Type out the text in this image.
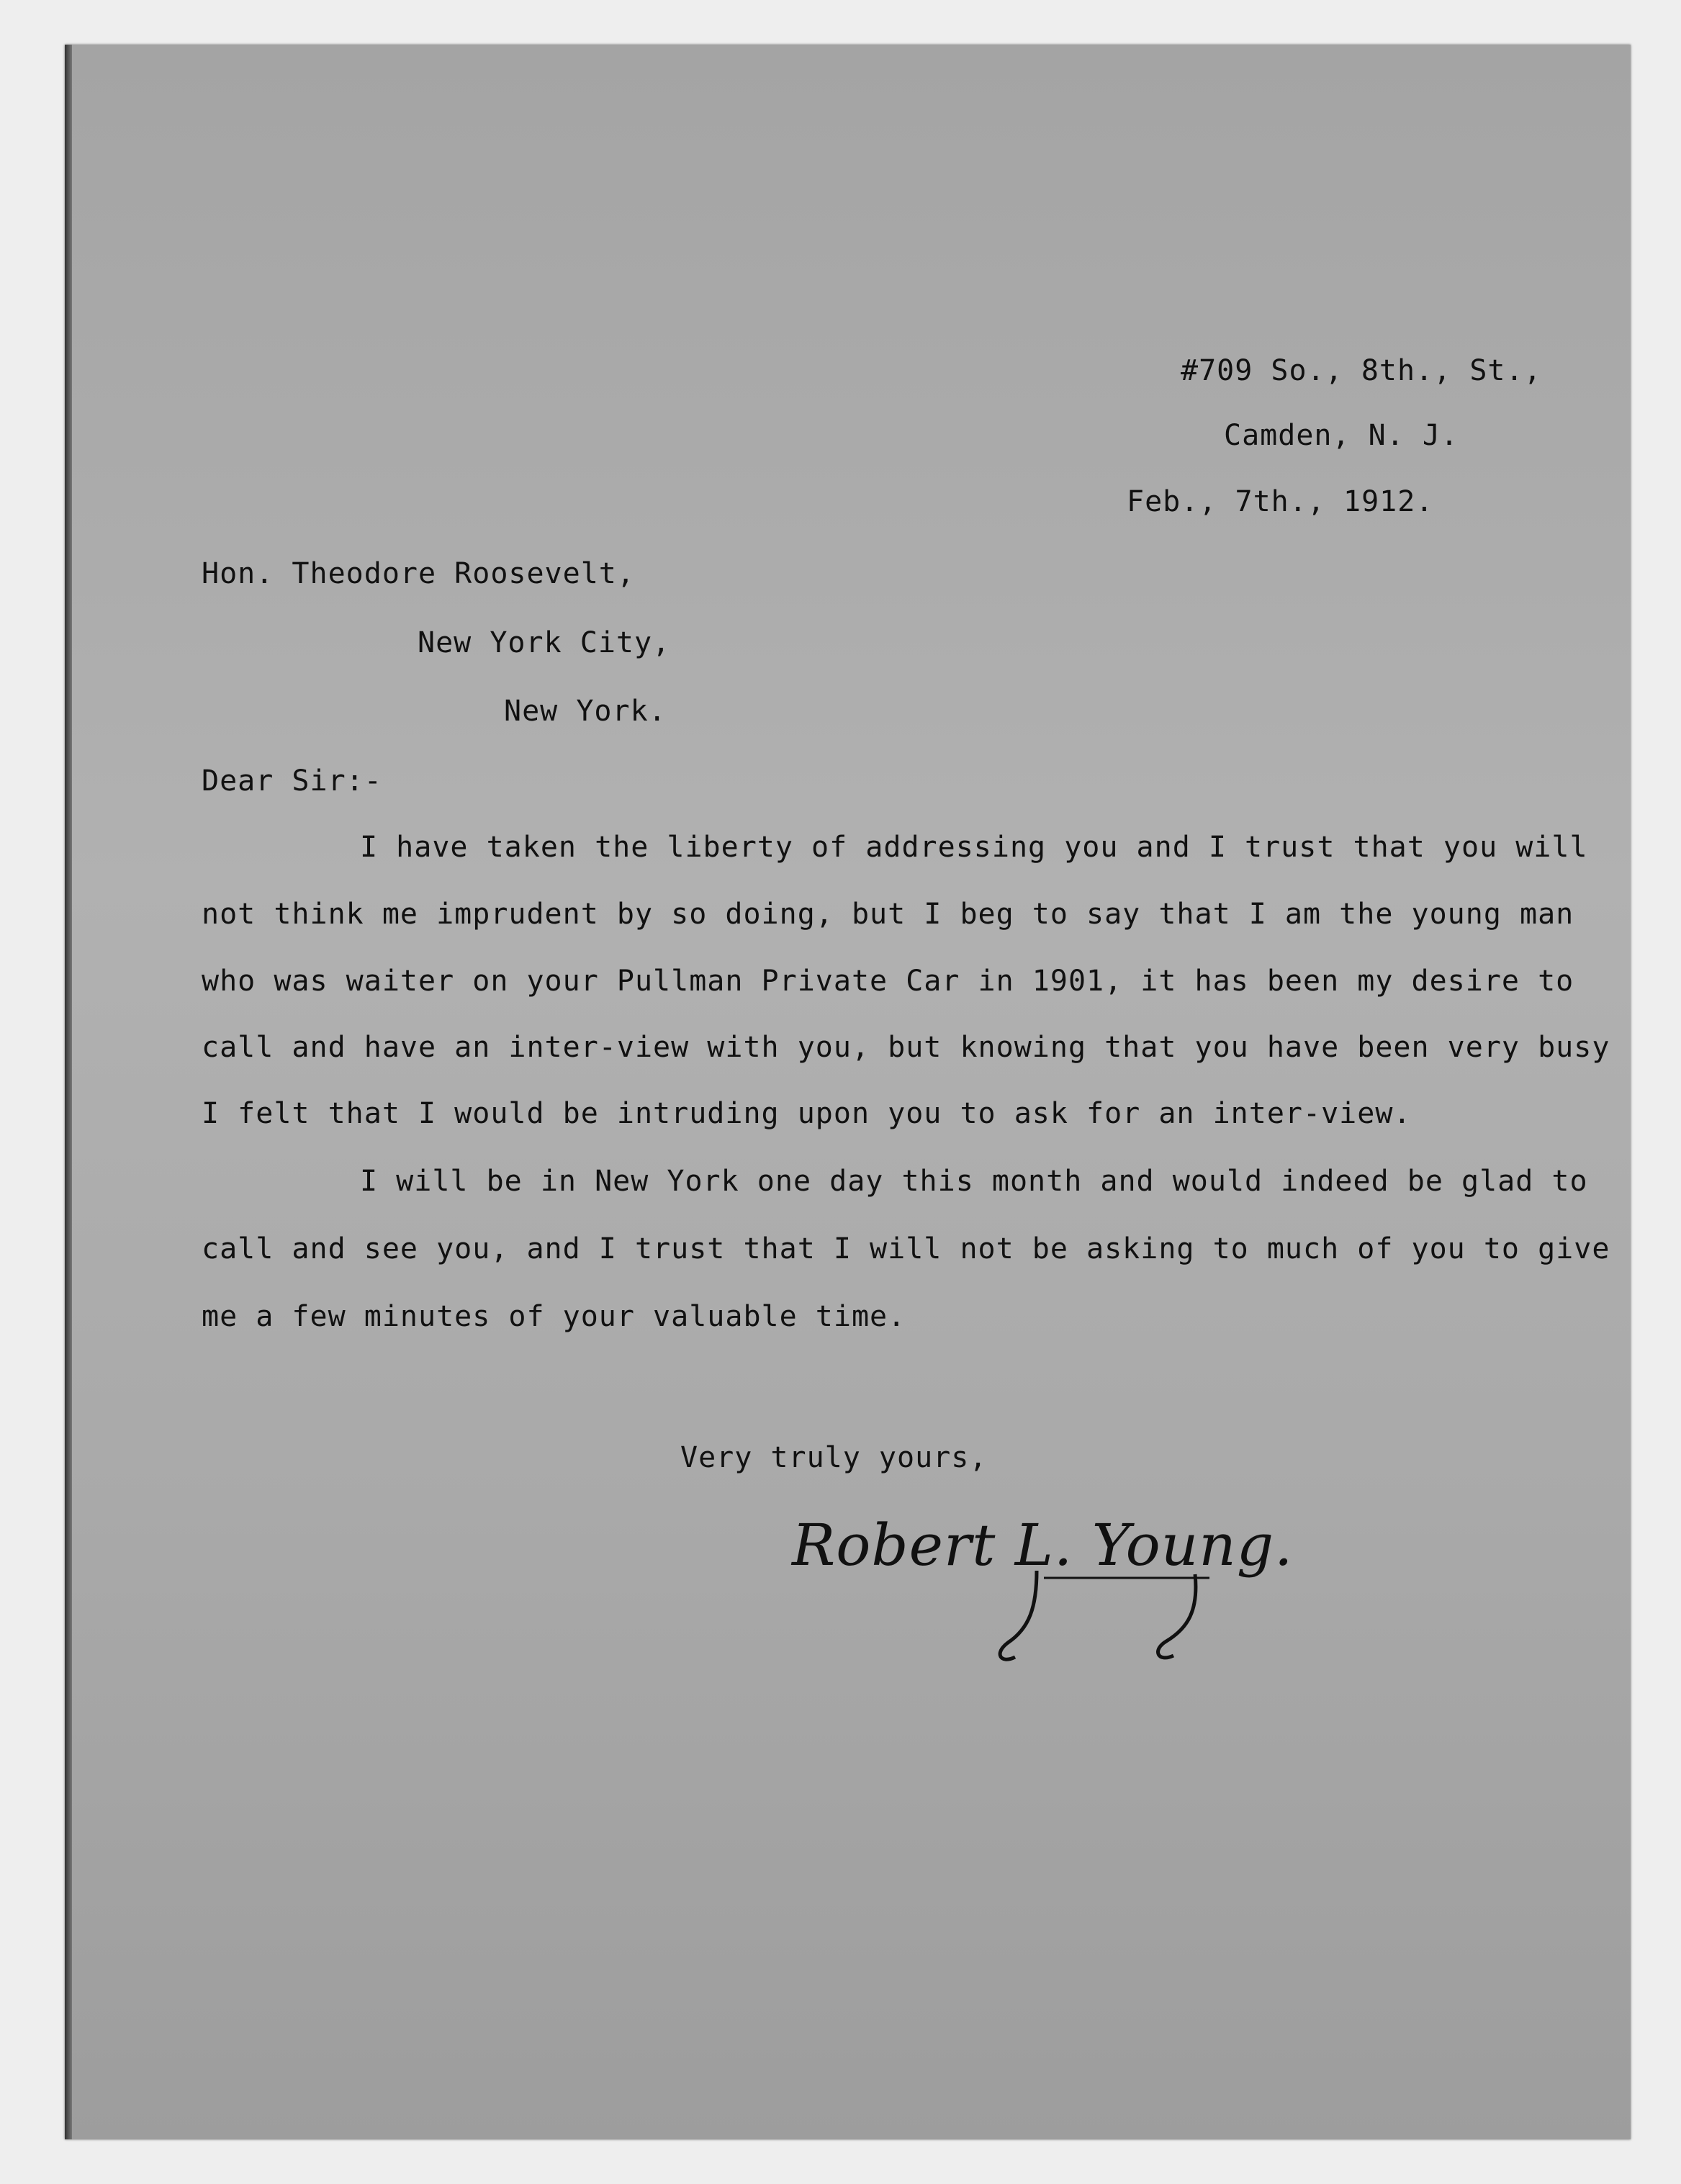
#709 So., 8th., St.,
Camden, N. J.
Feb., 7th., 1912.
Hon. Theodore Roosevelt,
New York City,
New York.
Dear Sir:-
I have taken the liberty of addressing you and I trust that you will
not think me imprudent by so doing, but I beg to say that I am the young man
who was waiter on your Pullman Private Car in 1901, it has been my desire to
call and have an inter-view with you, but knowing that you have been very busy
I felt that I would be intruding upon you to ask for an inter-view.
I will be in New York one day this month and would indeed be glad to
call and see you, and I trust that I will not be asking to much of you to give
me a few minutes of your valuable time.
Very truly yours,
Robert L. Young.
